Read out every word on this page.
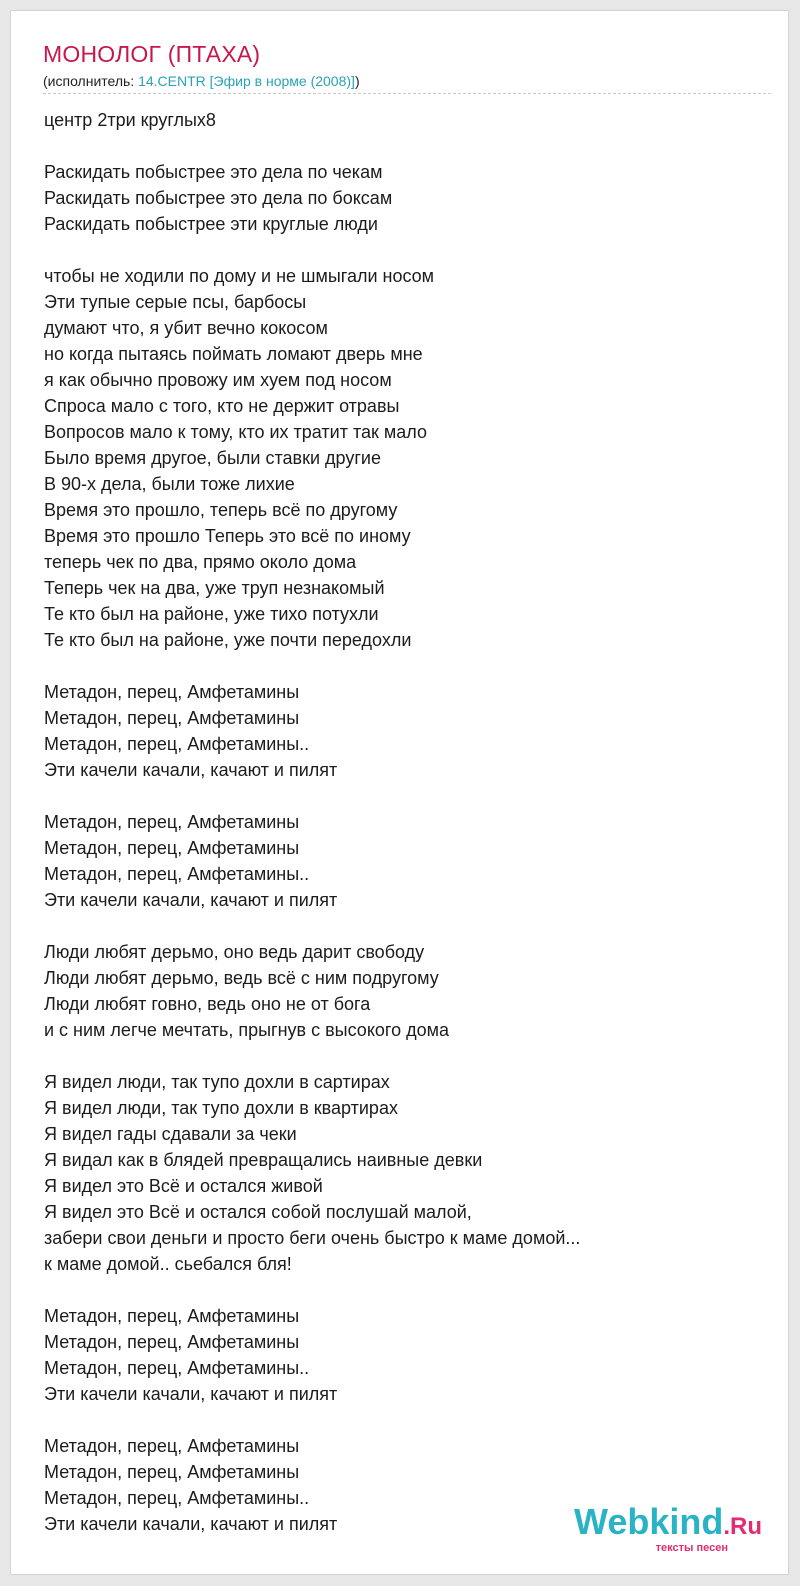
МОНОЛОГ (ПТАХА)
(исполнитель: 14.CENTR [Эфир в норме (2008)])

центр 2три круглых8

Раскидать побыстрее это дела по чекам

Раскидать побыстрее это дела по боксам

Раскидать побыстрее эти круглые люди

чтобы не ходили по дому и не шмыгали носом

Эти тупые серые псы, барбосы

думают что, я убит вечно кокосом

но когда пытаясь поймать ломают дверь мне

я как обычно провожу им хуем под носом

Спроса мало с того, кто не держит отравы

Вопросов мало к тому, кто их тратит так мало

Было время другое, были ставки другие

В 90-х дела, были тоже лихие

Время это прошло, теперь всё по другому

Время это прошло Теперь это всё по иному

теперь чек по два, прямо около дома

Теперь чек на два, уже труп незнакомый

Те кто был на районе, уже тихо потухли

Те кто был на районе, уже почти передохли

Метадон, перец, Амфетамины

Метадон, перец, Амфетамины

Метадон, перец, Амфетамины..

Эти качели качали, качают и пилят

Метадон, перец, Амфетамины

Метадон, перец, Амфетамины

Метадон, перец, Амфетамины..

Эти качели качали, качают и пилят

Люди любят дерьмо, оно ведь дарит свободу

Люди любят дерьмо, ведь всё с ним подругому

Люди любят говно, ведь оно не от бога

и с ним легче мечтать, прыгнув с высокого дома

Я видел люди, так тупо дохли в сартирах

Я видел люди, так тупо дохли в квартирах

Я видел гады сдавали за чеки

Я видал как в блядей превращались наивные девки

Я видел это Всё и остался живой

Я видел это Всё и остался собой послушай малой,

забери свои деньги и просто беги очень быстро к маме домой...

к маме домой.. сьебался бля!

Метадон, перец, Амфетамины

Метадон, перец, Амфетамины

Метадон, перец, Амфетамины..

Эти качели качали, качают и пилят

Метадон, перец, Амфетамины

Метадон, перец, Амфетамины

Метадон, перец, Амфетамины..

Эти качели качали, качают и пилят	Webkind.Ru
тексты песен
